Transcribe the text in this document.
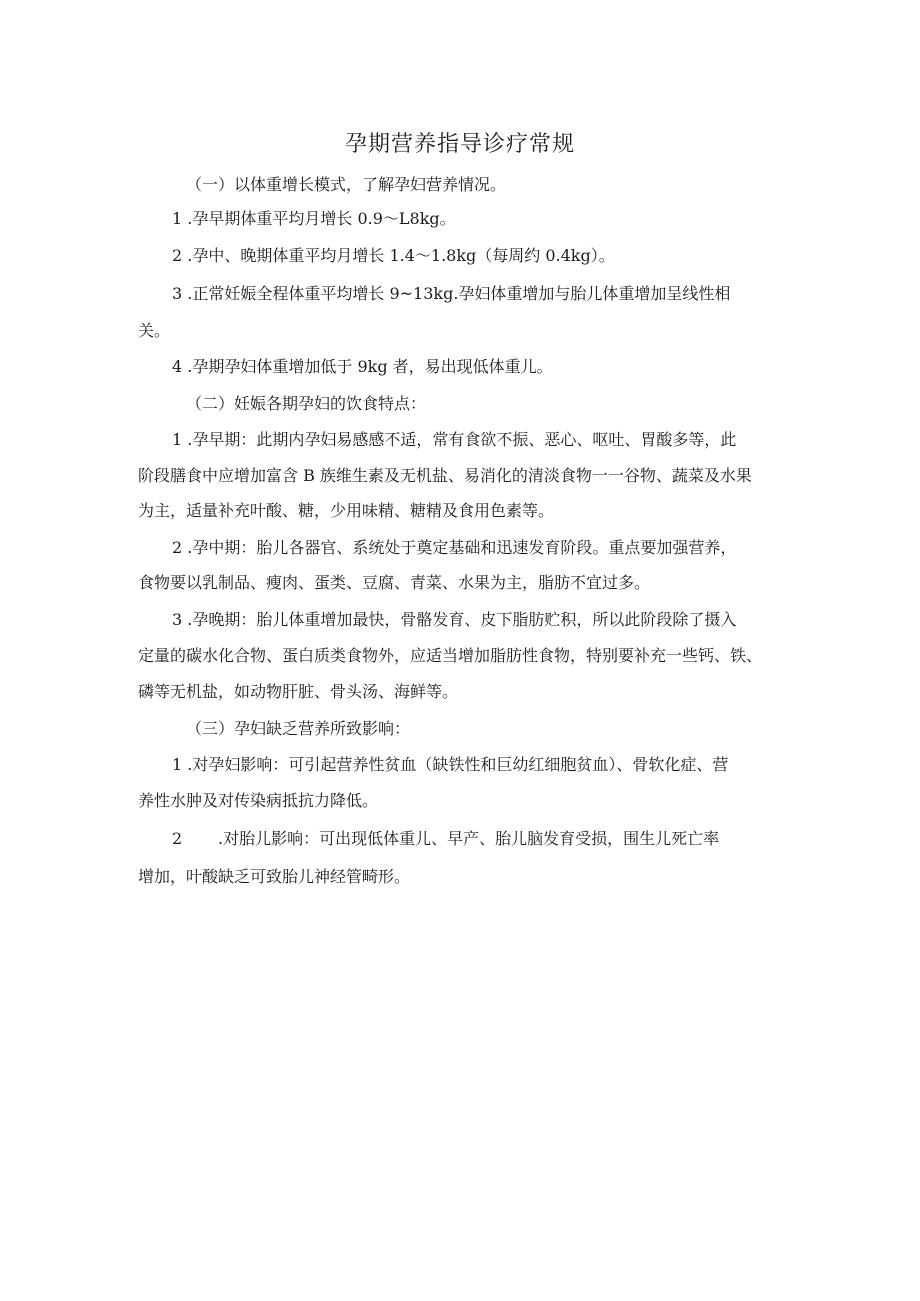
孕期营养指导诊疗常规
（一）以体重增长模式，了解孕妇营养情况。
1 .孕早期体重平均月增长 0.9～L8kg。
2 .孕中、晚期体重平均月增长 1.4～1.8kg（每周约 0.4kg）。
3 .正常妊娠全程体重平均增长 9~13kg.孕妇体重增加与胎儿体重增加呈线性相
关。
4 .孕期孕妇体重增加低于 9kg 者，易出现低体重儿。
（二）妊娠各期孕妇的饮食特点：
1 .孕早期：此期内孕妇易感感不适，常有食欲不振、恶心、呕吐、胃酸多等，此
阶段膳食中应增加富含 B 族维生素及无机盐、易消化的清淡食物一一谷物、蔬菜及水果
为主，适量补充叶酸、糖，少用味精、糖精及食用色素等。
2 .孕中期：胎儿各器官、系统处于奠定基础和迅速发育阶段。重点要加强营养，
食物要以乳制品、瘦肉、蛋类、豆腐、青菜、水果为主，脂肪不宜过多。
3 .孕晚期：胎儿体重增加最快，骨骼发育、皮下脂肪贮积，所以此阶段除了摄入
定量的碳水化合物、蛋白质类食物外，应适当增加脂肪性食物，特别要补充一些钙、铁、
磷等无机盐，如动物肝脏、骨头汤、海鲜等。
（三）孕妇缺乏营养所致影响：
1 .对孕妇影响：可引起营养性贫血（缺铁性和巨幼红细胞贫血）、骨软化症、营
养性水肿及对传染病抵抗力降低。
2 .对胎儿影响：可出现低体重儿、早产、胎儿脑发育受损，围生儿死亡率
增加，叶酸缺乏可致胎儿神经管畸形。
